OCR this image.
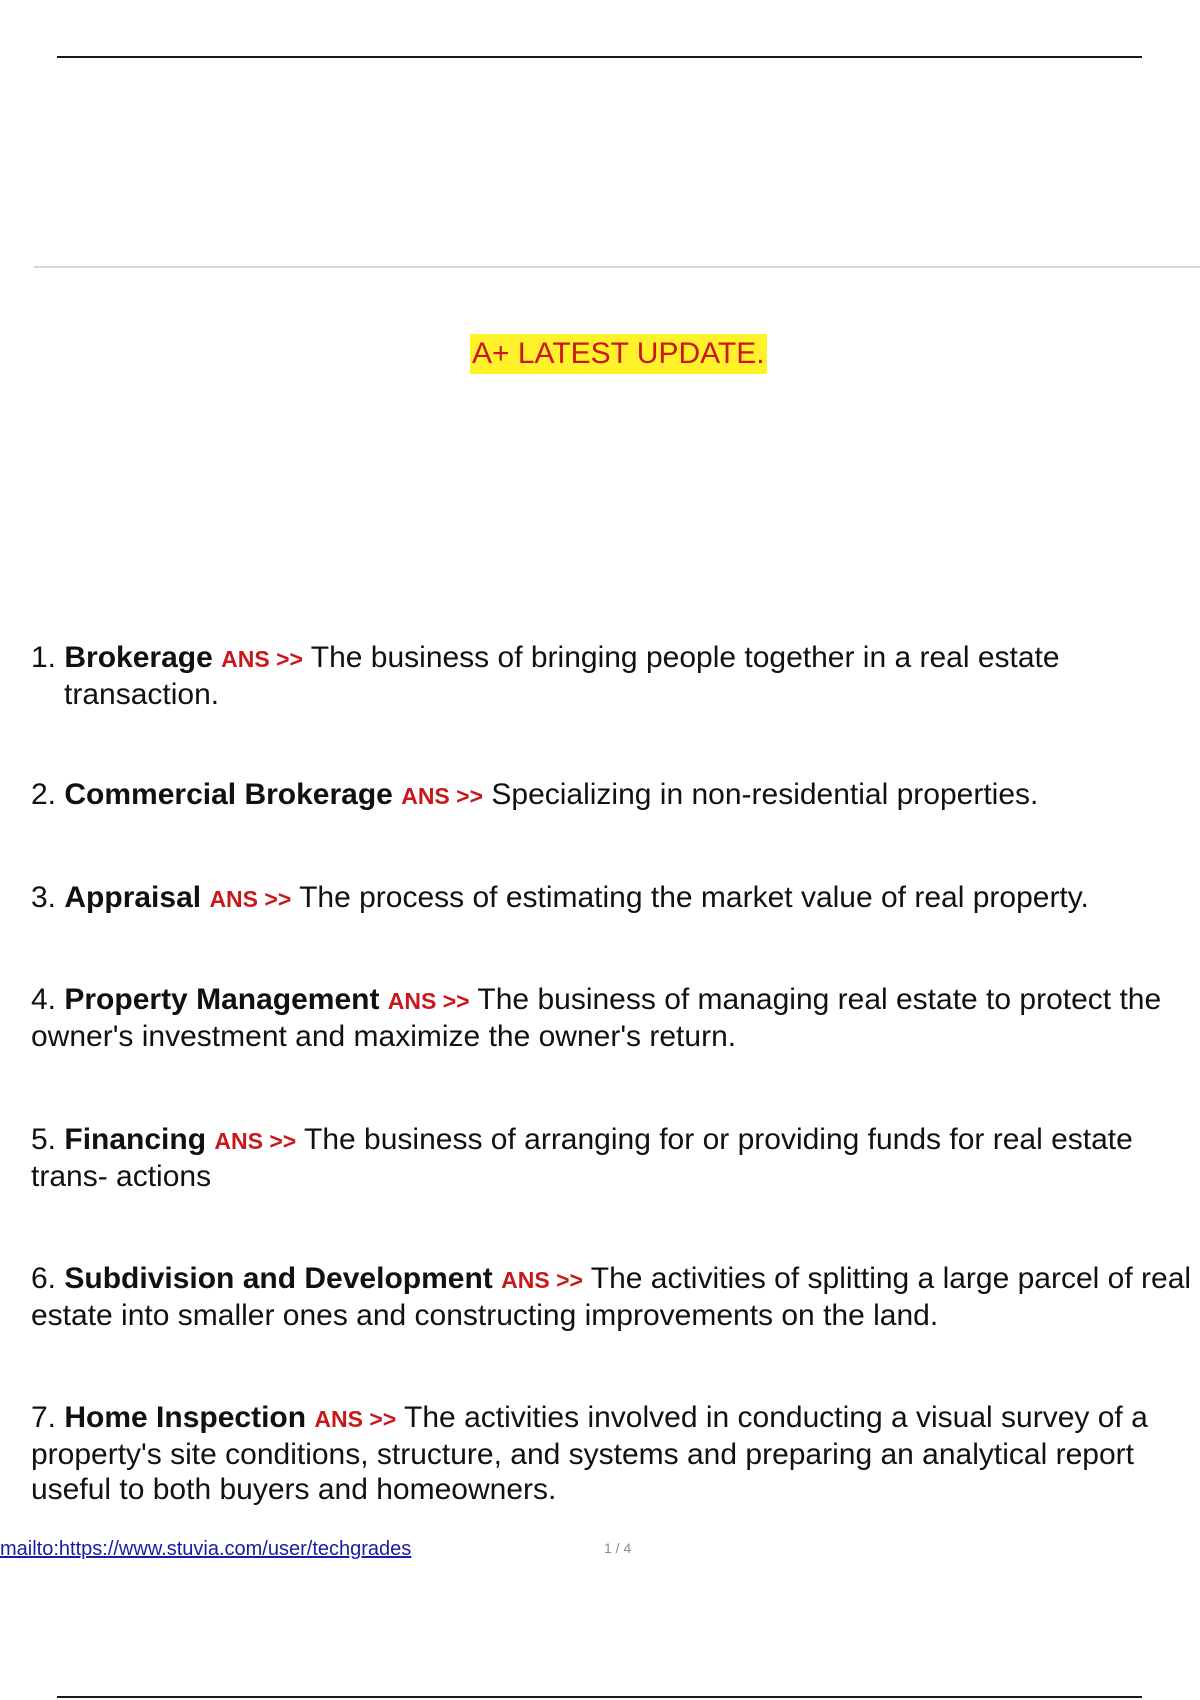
A+ LATEST UPDATE.
1. Brokerage ANS >> The business of bringing people together in a real estate transaction.
2. Commercial Brokerage ANS >> Specializing in non-residential properties.
3. Appraisal ANS >> The process of estimating the market value of real property.
4. Property Management ANS >> The business of managing real estate to protect the owner's investment and maximize the owner's return.
5. Financing ANS >> The business of arranging for or providing funds for real estate trans- actions
6. Subdivision and Development ANS >> The activities of splitting a large parcel of real estate into smaller ones and constructing improvements on the land.
7. Home Inspection ANS >> The activities involved in conducting a visual survey of a property's site conditions, structure, and systems and preparing an analytical report useful to both buyers and homeowners.
mailto:https://www.stuvia.com/user/techgrades	1 / 4
